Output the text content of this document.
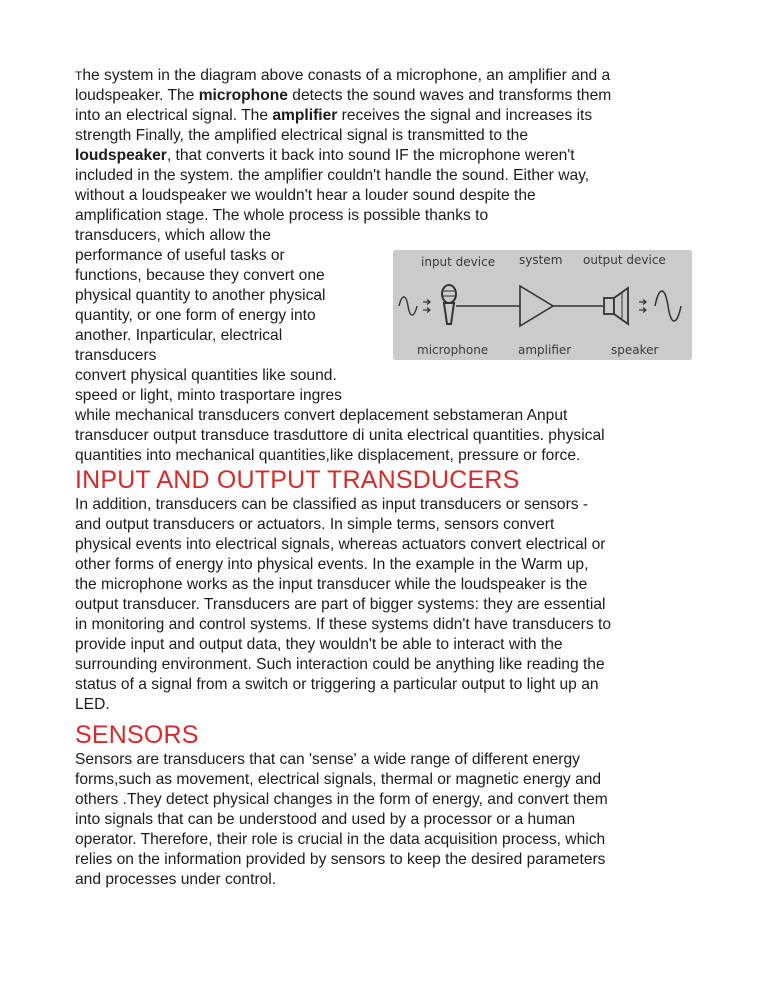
The system in the diagram above conasts of a microphone, an amplifier and a
loudspeaker. The microphone detects the sound waves and transforms them
into an electrical signal. The amplifier receives the signal and increases its
strength Finally, the amplified electrical signal is transmitted to the
loudspeaker, that converts it back into sound IF the microphone weren't
included in the system. the amplifier couldn't handle the sound. Either way,
without a loudspeaker we wouldn't hear a louder sound despite the
amplification stage. The whole process is possible thanks to
transducers, which allow the
performance of useful tasks or
functions, because they convert one
physical quantity to another physical
quantity, or one form of energy into
another. Inparticular, electrical
transducers
convert physical quantities like sound.
speed or light, minto trasportare ingres
while mechanical transducers convert deplacement sebstameran Anput
transducer output transduce trasduttore di unita electrical quantities. physical
quantities into mechanical quantities,like displacement, pressure or force.
input device system output device
microphone amplifier	speaker
INPUT AND OUTPUT TRANSDUCERS
In addition, transducers can be classified as input transducers or sensors -
and output transducers or actuators. In simple terms, sensors convert
physical events into electrical signals, whereas actuators convert electrical or
other forms of energy into physical events. In the example in the Warm up,
the microphone works as the input transducer while the loudspeaker is the
output transducer. Transducers are part of bigger systems: they are essential
in monitoring and control systems. If these systems didn't have transducers to
provide input and output data, they wouldn't be able to interact with the
surrounding environment. Such interaction could be anything like reading the
status of a signal from a switch or triggering a particular output to light up an
LED.
SENSORS
Sensors are transducers that can 'sense' a wide range of different energy
forms,such as movement, electrical signals, thermal or magnetic energy and
others .They detect physical changes in the form of energy, and convert them
into signals that can be understood and used by a processor or a human
operator. Therefore, their role is crucial in the data acquisition process, which
relies on the information provided by sensors to keep the desired parameters
and processes under control.
